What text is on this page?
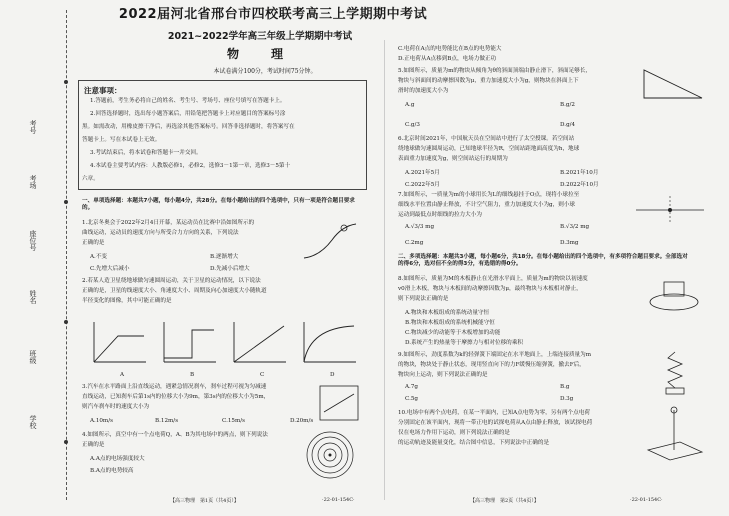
考号
考场
座位号
姓名
班级
学校
2022届河北省邢台市四校联考高三上学期期中考试
2021~2022学年高三年级上学期期中考试
物　理
本试卷满分100分，考试时间75分钟。
注意事项：
1.答题前，考生务必将自己的姓名、考生号、考场号、座位号填写在答题卡上。
2.回答选择题时，选出每小题答案后，用铅笔把答题卡上对应题目的答案标号涂
黑。如需改动，用橡皮擦干净后，再选涂其他答案标号。回答非选择题时，将答案写在
答题卡上。写在本试卷上无效。
3.考试结束后，将本试卷和答题卡一并交回。
4.本试卷主要考试内容：人教版必修1，必修2，选修3－1第一章，选修3－5第十
六章。
一、单项选择题：本题共7小题，每小题4分，共28分。在每小题给出的四个选项中，只有一项是符合题目要求的。
1.北京冬奥会于2022年2月4日开幕，某运动员在比赛中沿如图所示的
曲线运动，运动员的速度方向与所受合力方向的关系，下列说法
正确的是
A.不变	B.逐渐增大
C.先增大后减小	D.先减小后增大
2.若某人造卫星绕地球做匀速圆周运动，关于卫星的运动情况，以下说法
正确的是，卫星的线速度大小、角速度大小、周期及向心加速度大小随轨道
半径变化的图像，其中可能正确的是
A	B	C	D
3.汽车在水平路面上沿直线运动，遇紧急情况刹车，刹车过程可视为匀减速
直线运动，已知刹车后第1s内的位移大小为9m，第3s内的位移大小为5m，
则汽车刹车时的速度大小为
A.10m/s	B.12m/s	C.15m/s	D.20m/s
4.如图所示，真空中有一个点电荷Q，A、B为其电场中的两点，则下列说法
正确的是
A.A点的电场强度较大
B.A点的电势较高
【高三物理　第1页（共4页）】	·22-01-154C·
C.电荷在A点的电势能比在B点的电势能大
D.正电荷从A点移到B点，电场力做正功
5.如图所示，质量为m的物块从倾角为θ的斜面顶端由静止滑下，斜面足够长，
物块与斜面间的动摩擦因数为μ，重力加速度大小为g，则物块在斜面上下
滑时的加速度大小为
A.g	B.g/2
C.g/3	D.g/4
6.北京时间2021年，中国航天员在空间站中进行了太空授课。若空间站
绕地球做匀速圆周运动，已知地球半径为R，空间站距地面高度为h，地球
表面重力加速度为g，则空间站运行的周期为
A.2021年5月	B.2021年10月
C.2022年5月	D.2022年10月
7.如图所示，一质量为m的小球用长为L的细线悬挂于O点，现将小球拉至
细线水平位置由静止释放，不计空气阻力，重力加速度大小为g，则小球
运动到最低点时细线的拉力大小为
A.√3/3 mg	B.√3/2 mg
C.2mg	D.3mg
二、多项选择题：本题共3小题，每小题6分，共18分。在每小题给出的四个选项中，有多项符合题目要求。全部选对的得6分，选对但不全的得3分，有选错的得0分。
8.如图所示，质量为M的木板静止在光滑水平面上，质量为m的物块以初速度
v0滑上木板，物块与木板间的动摩擦因数为μ，最终物块与木板相对静止，
则下列说法正确的是
A.物块和木板组成的系统动量守恒
B.物块和木板组成的系统机械能守恒
C.物块减少的动能等于木板增加的动能
D.系统产生的热量等于摩擦力与相对位移的乘积
9.如图所示，劲度系数为k的轻弹簧下端固定在水平地面上，上端连接质量为m
的物块，物块处于静止状态，现用竖直向下的力F缓慢压缩弹簧，撤去F后，
物块向上运动，则下列说法正确的是
A.7g	B.g
C.5g	D.3g
10.电场中有两个点电荷，在某一平面内，已知A点电势为零，另有两个点电荷
分别固定在该平面内，现将一带正电的试探电荷从A点由静止释放，该试探电荷
仅在电场力作用下运动，则下列说法正确的是
的运动轨迹及能量变化，结合图中信息，下列说法中正确的是
【高三物理　第2页（共4页）】	·22-01-154C·
